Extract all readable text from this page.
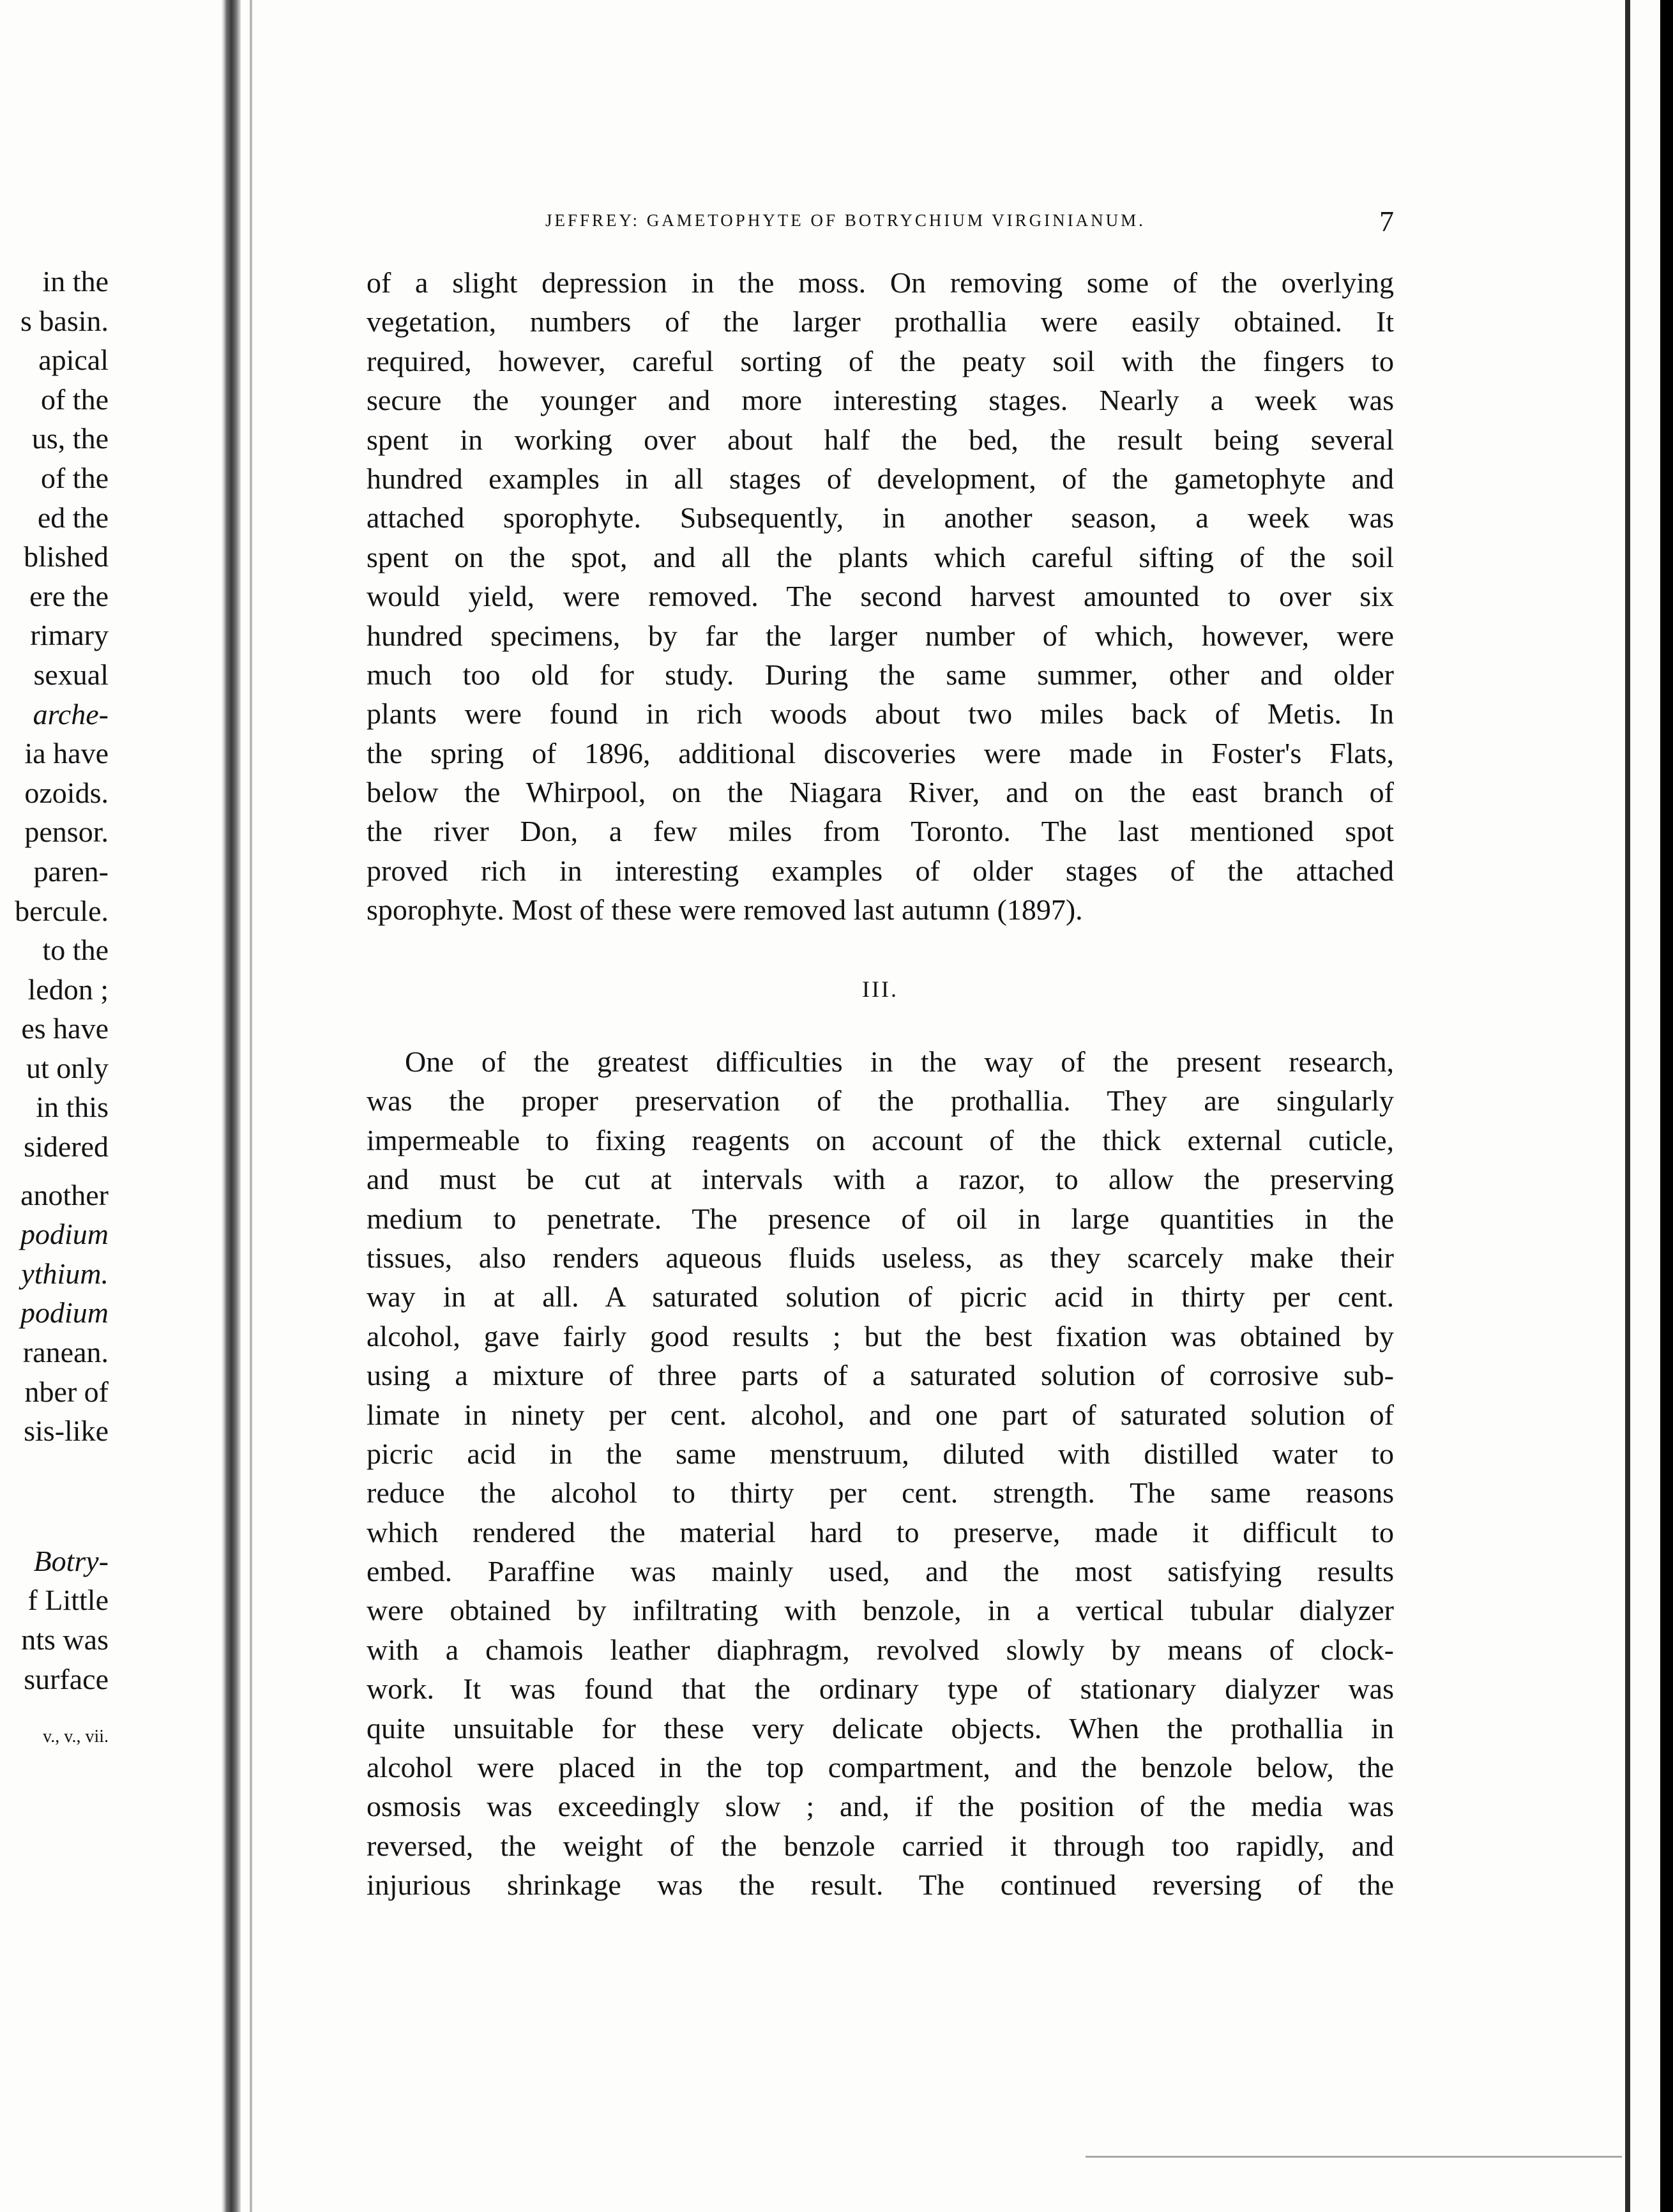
in the
s basin.
apical
of the
us, the
of the
ed the
blished
ere the
rimary
sexual
arche-
ia have
ozoids.
pensor.
paren-
bercule.
to the
ledon ;
es have
ut only
in this
sidered
another
podium
ythium.
podium
ranean.
nber of
sis-like
Botry-
f Little
nts was
surface
v., v., vii.
JEFFREY: GAMETOPHYTE OF BOTRYCHIUM VIRGINIANUM.	7
of a slight depression in the moss. On removing some of the overlying
vegetation, numbers of the larger prothallia were easily obtained. It
required, however, careful sorting of the peaty soil with the fingers to
secure the younger and more interesting stages. Nearly a week was
spent in working over about half the bed, the result being several
hundred examples in all stages of development, of the gametophyte and
attached sporophyte. Subsequently, in another season, a week was
spent on the spot, and all the plants which careful sifting of the soil
would yield, were removed. The second harvest amounted to over six
hundred specimens, by far the larger number of which, however, were
much too old for study. During the same summer, other and older
plants were found in rich woods about two miles back of Metis. In
the spring of 1896, additional discoveries were made in Foster's Flats,
below the Whirpool, on the Niagara River, and on the east branch of
the river Don, a few miles from Toronto. The last mentioned spot
proved rich in interesting examples of older stages of the attached
sporophyte. Most of these were removed last autumn (1897).
III.
One of the greatest difficulties in the way of the present research,
was the proper preservation of the prothallia. They are singularly
impermeable to fixing reagents on account of the thick external cuticle,
and must be cut at intervals with a razor, to allow the preserving
medium to penetrate. The presence of oil in large quantities in the
tissues, also renders aqueous fluids useless, as they scarcely make their
way in at all. A saturated solution of picric acid in thirty per cent.
alcohol, gave fairly good results ; but the best fixation was obtained by
using a mixture of three parts of a saturated solution of corrosive sub-
limate in ninety per cent. alcohol, and one part of saturated solution of
picric acid in the same menstruum, diluted with distilled water to
reduce the alcohol to thirty per cent. strength. The same reasons
which rendered the material hard to preserve, made it difficult to
embed. Paraffine was mainly used, and the most satisfying results
were obtained by infiltrating with benzole, in a vertical tubular dialyzer
with a chamois leather diaphragm, revolved slowly by means of clock-
work. It was found that the ordinary type of stationary dialyzer was
quite unsuitable for these very delicate objects. When the prothallia in
alcohol were placed in the top compartment, and the benzole below, the
osmosis was exceedingly slow ; and, if the position of the media was
reversed, the weight of the benzole carried it through too rapidly, and
injurious shrinkage was the result. The continued reversing of the
